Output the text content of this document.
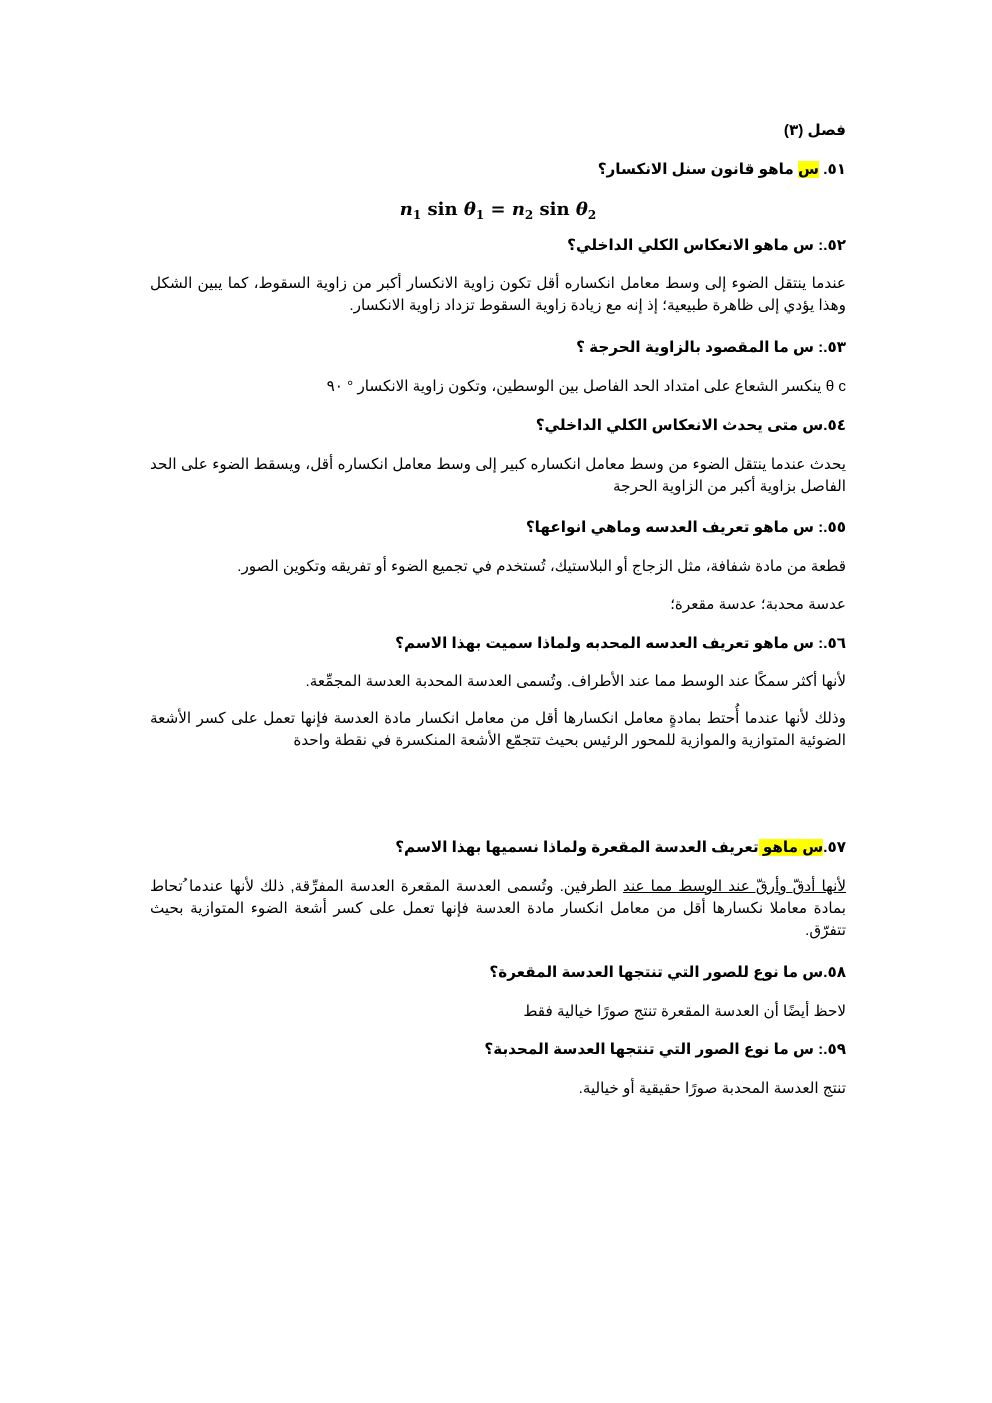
فصل (٣)
٥١. س ماهو قانون سنل الانكسار؟
$n_1$ $\sin \theta_1 = n_2$ $\sin \theta_2$
٥٢.: س ماهو الانعكاس الكلي الداخلي؟
عندما ينتقل الضوء إلى وسط معامل انكساره أقل تكون زاوية الانكسار أكبر من زاوية السقوط، كما يبين الشكل وهذا يؤدي إلى ظاهرة طبيعية؛ إذ إنه مع زيادة زاوية السقوط تزداد زاوية الانكسار.
٥٣.: س ما المقصود بالزاوية الحرجة ؟
θ c ينكسر الشعاع على امتداد الحد الفاصل بين الوسطين، وتكون زاوية الانكسار ° ٩٠
٥٤.س متى يحدث الانعكاس الكلي الداخلي؟
يحدث عندما ينتقل الضوء من وسط معامل انكساره كبير إلى وسط معامل انكساره أقل، ويسقط الضوء على الحد الفاصل بزاوية أكبر من الزاوية الحرجة
٥٥.: س ماهو تعريف العدسه وماهي انواعها؟
قطعة من مادة شفافة، مثل الزجاج أو البلاستيك، تُستخدم في تجميع الضوء أو تفريقه وتكوين الصور.
عدسة محدبة؛ عدسة مقعرة؛
٥٦.: س ماهو تعريف العدسه المحدبه ولماذا سميت بهذا الاسم؟
لأنها أكثر سمكًا عند الوسط مما عند الأطراف. وتُسمى العدسة المحدبة العدسة المجمِّعة.
وذلك لأنها عندما أُحتط بمادةٍ معامل انكسارها أقل من معامل انكسار مادة العدسة فإنها تعمل على كسر الأشعة الضوئية المتوازية والموازية للمحور الرئيس بحيث تتجمّع الأشعة المنكسرة في نقطة واحدة
٥٧.س ماهو تعريف العدسة المقعرة ولماذا نسميها بهذا الاسم؟
لأنها أدقّ وأرقّ عند الوسط مما عند الطرفين. وتُسمى العدسة المقعرة العدسة المفرِّقة, ذلك لأنها عندما ُتحاط بمادة معاملا نكسارها أقل من معامل انكسار مادة العدسة فإنها تعمل على كسر أشعة الضوء المتوازية بحيث تتفرّق.
٥٨.س ما نوع للصور التي تنتجها العدسة المقعرة؟
لاحظ أيضًا أن العدسة المقعرة تنتج صورًا خيالية فقط
٥٩.: س ما نوع الصور التي تنتجها العدسة المحدبة؟
تنتج العدسة المحدبة صورًا حقيقية أو خيالية.
